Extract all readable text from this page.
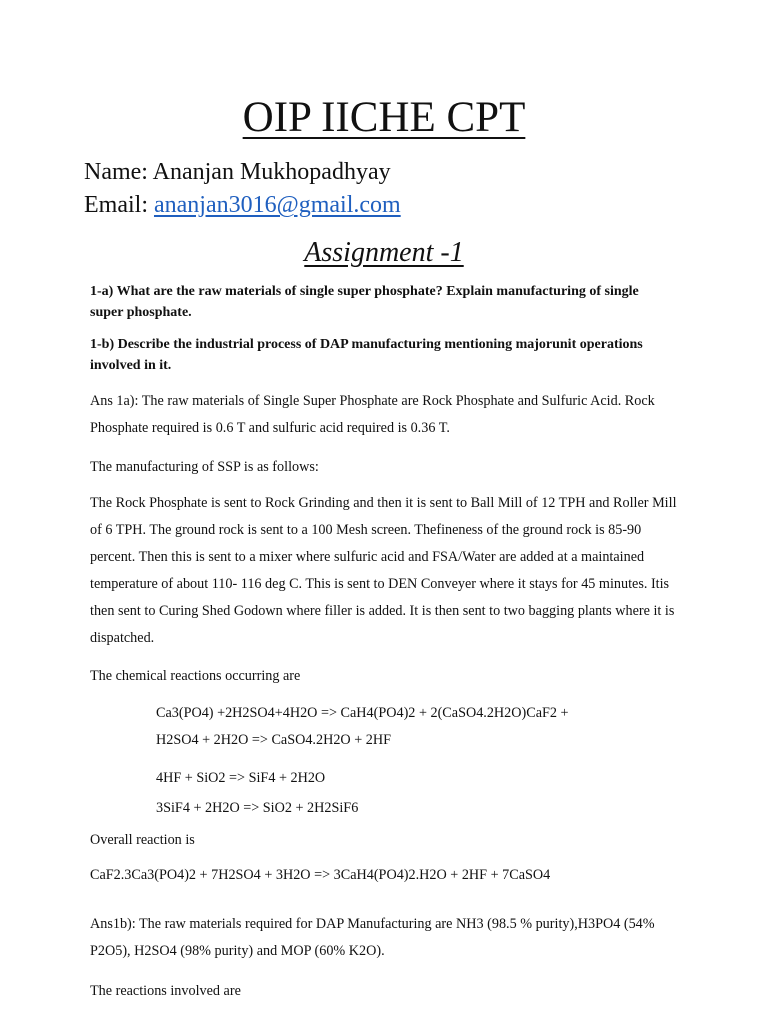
OIP IICHE CPT
Name: Ananjan Mukhopadhyay
Email: ananjan3016@gmail.com
Assignment -1
1-a) What are the raw materials of single super phosphate? Explain manufacturing of single super phosphate.
1-b) Describe the industrial process of DAP manufacturing mentioning majorunit operations involved in it.
Ans 1a): The raw materials of Single Super Phosphate are Rock Phosphate and Sulfuric Acid. Rock Phosphate required is 0.6 T and sulfuric acid required is 0.36 T.
The manufacturing of SSP is as follows:
The Rock Phosphate is sent to Rock Grinding and then it is sent to Ball Mill of 12 TPH and Roller Mill of 6 TPH. The ground rock is sent to a 100 Mesh screen. Thefineness of the ground rock is 85-90 percent. Then this is sent to a mixer where sulfuric acid and FSA/Water are added at a maintained temperature of about 110- 116 deg C. This is sent to DEN Conveyer where it stays for 45 minutes. Itis then sent to Curing Shed Godown where filler is added. It is then sent to two bagging plants where it is dispatched.
The chemical reactions occurring are
Ca3(PO4) +2H2SO4+4H2O => CaH4(PO4)2 + 2(CaSO4.2H2O)CaF2 +
H2SO4 + 2H2O => CaSO4.2H2O + 2HF
4HF + SiO2 => SiF4 + 2H2O
3SiF4 + 2H2O => SiO2 + 2H2SiF6
Overall reaction is
CaF2.3Ca3(PO4)2 + 7H2SO4 + 3H2O => 3CaH4(PO4)2.H2O + 2HF + 7CaSO4
Ans1b): The raw materials required for DAP Manufacturing are NH3 (98.5 % purity),H3PO4 (54% P2O5), H2SO4 (98% purity) and MOP (60% K2O).
The reactions involved are
